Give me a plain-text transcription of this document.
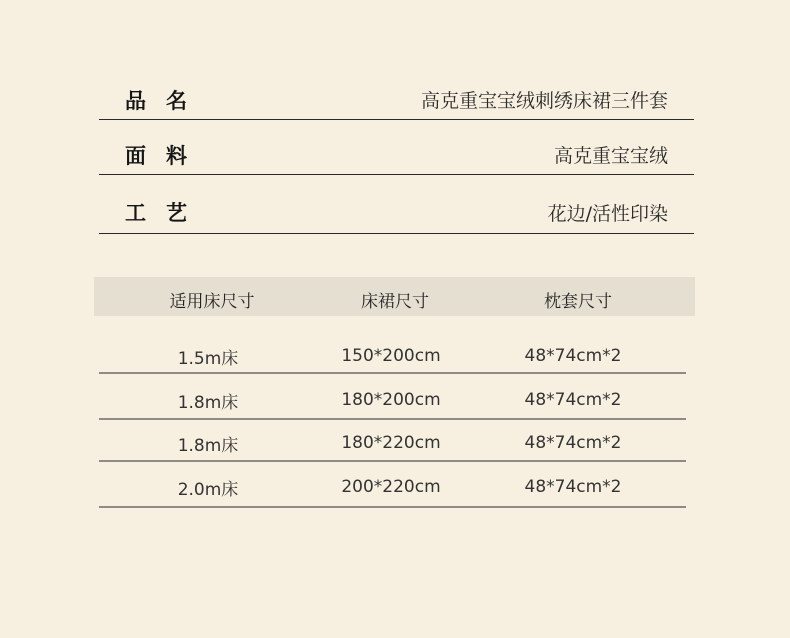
品名	高克重宝宝绒刺绣床裙三件套
面料	高克重宝宝绒
工艺	花边/活性印染
适用床尺寸	床裙尺寸	枕套尺寸
1.5m床	150*200cm	48*74cm*2
1.8m床	180*200cm	48*74cm*2
1.8m床	180*220cm	48*74cm*2
2.0m床	200*220cm	48*74cm*2
